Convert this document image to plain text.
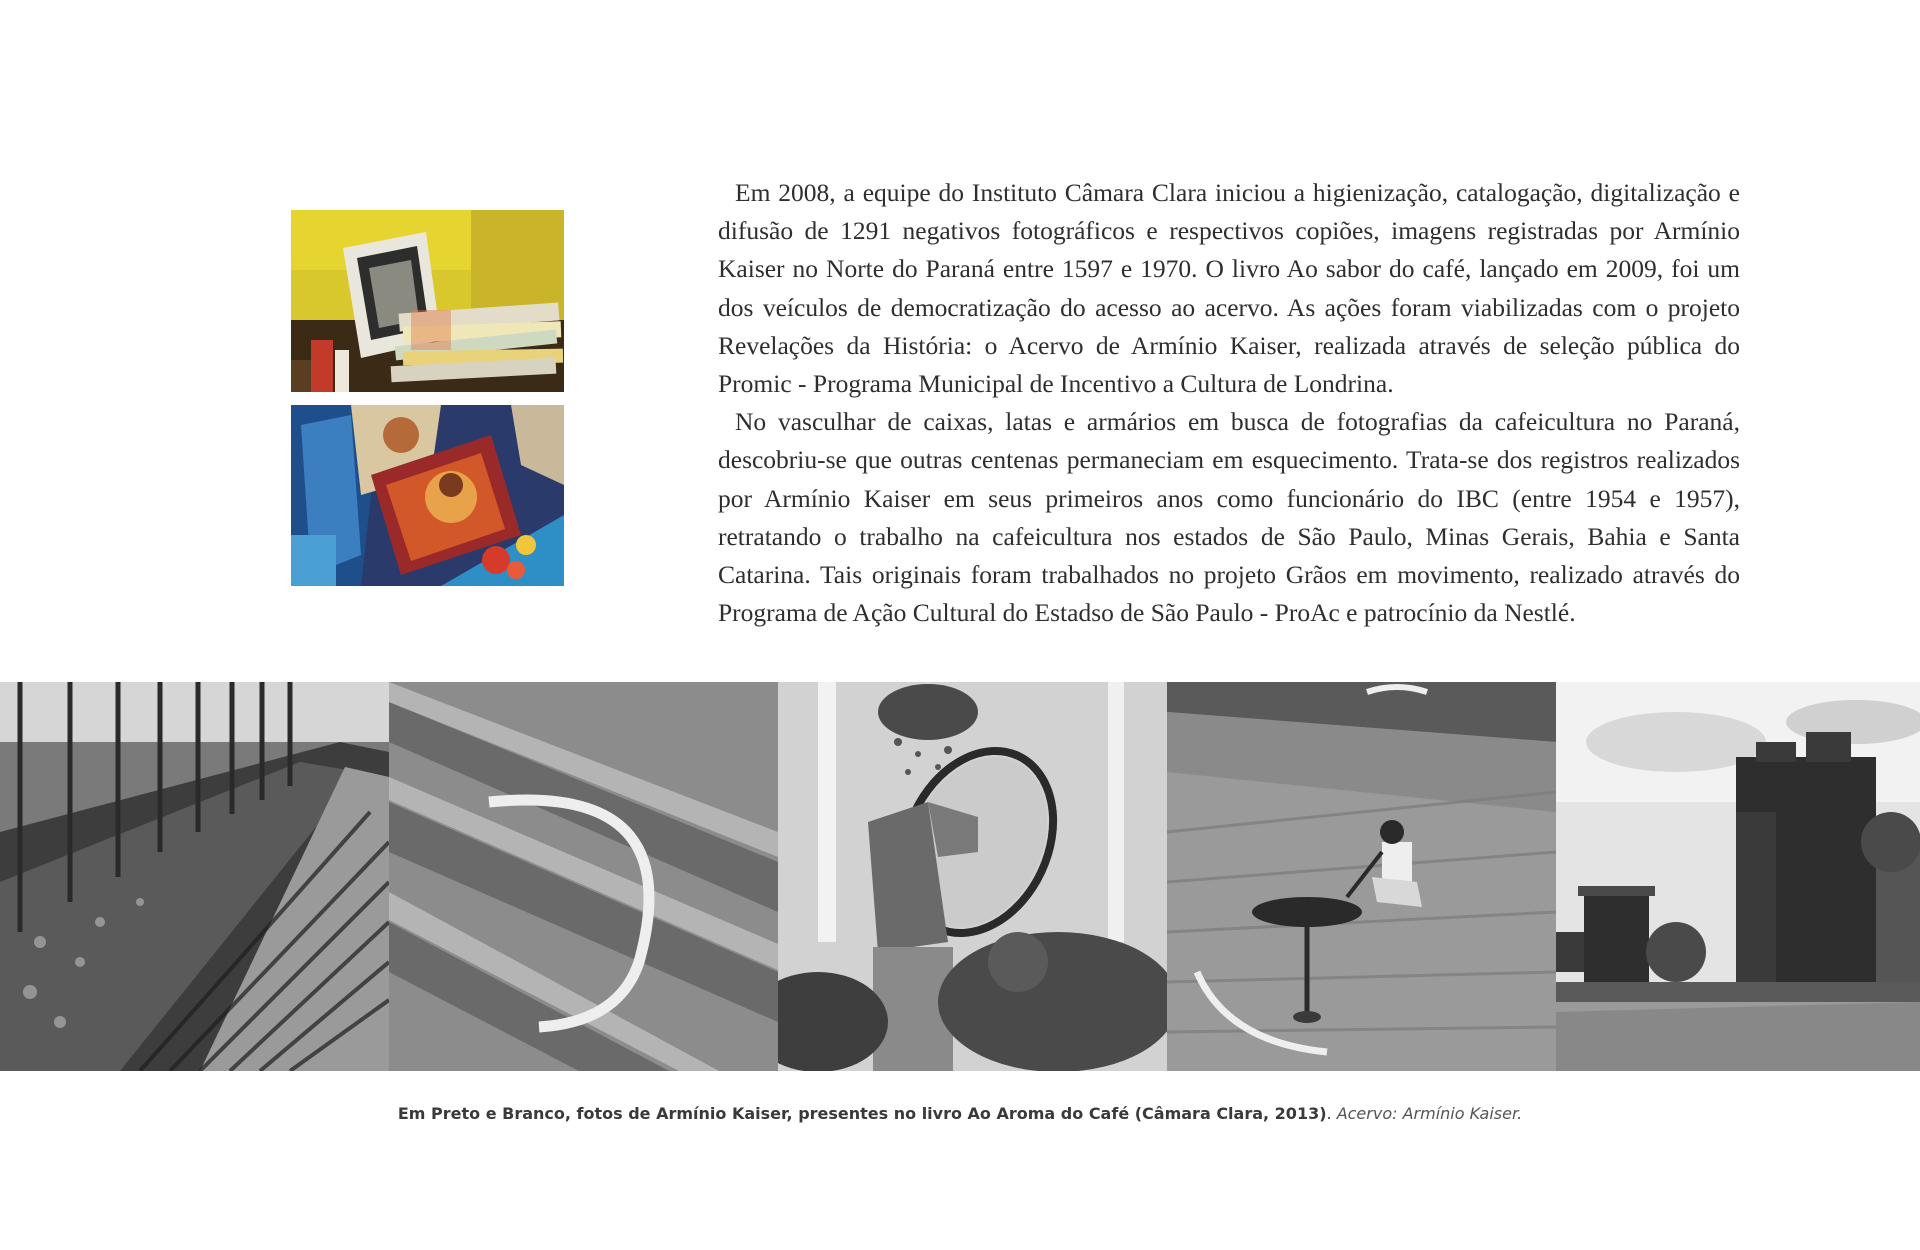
Em 2008, a equipe do Instituto Câmara Clara iniciou a higienização, catalogação, digitalização e difusão de 1291 negativos fotográficos e respectivos copiões, imagens registradas por Armínio Kaiser no Norte do Paraná entre 1597 e 1970. O livro Ao sabor do café, lançado em 2009, foi um dos veículos de democratização do acesso ao acervo. As ações foram viabilizadas com o projeto Revelações da História: o Acervo de Armínio Kaiser, realizada através de seleção pública do Promic - Programa Municipal de Incentivo a Cultura de Londrina.

No vasculhar de caixas, latas e armários em busca de fotografias da cafeicultura no Paraná, descobriu-se que outras centenas permaneciam em esquecimento. Trata-se dos registros realizados por Armínio Kaiser em seus primeiros anos como funcionário do IBC (entre 1954 e 1957), retratando o trabalho na cafeicultura nos estados de São Paulo, Minas Gerais, Bahia e Santa Catarina. Tais originais foram trabalhados no projeto Grãos em movimento, realizado através do Programa de Ação Cultural do Estadso de São Paulo - ProAc e patrocínio da Nestlé.

Em Preto e Branco, fotos de Armínio Kaiser, presentes no livro Ao Aroma do Café (Câmara Clara, 2013). Acervo: Armínio Kaiser.
